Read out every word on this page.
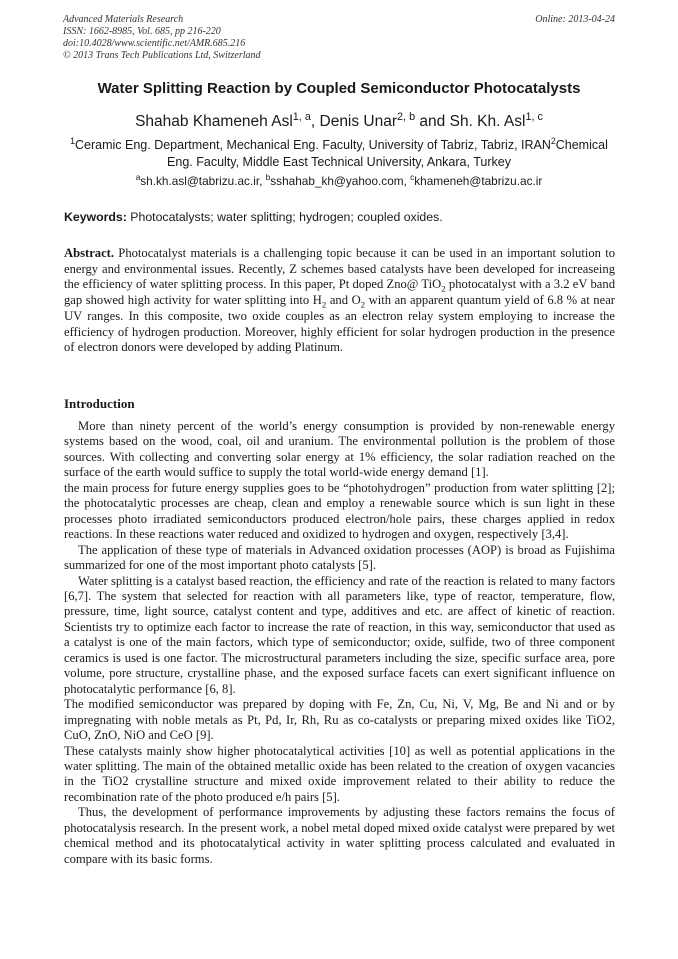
Advanced Materials Research
ISSN: 1662-8985, Vol. 685, pp 216-220
doi:10.4028/www.scientific.net/AMR.685.216
© 2013 Trans Tech Publications Ltd, Switzerland
Online: 2013-04-24
Water Splitting Reaction by Coupled Semiconductor Photocatalysts
Shahab Khameneh Asl$^{1, a}$, Denis Unar$^{2, b}$ and Sh. Kh. Asl$^{1, c}$
$^1$Ceramic Eng. Department, Mechanical Eng. Faculty, University of Tabriz, Tabriz, IRAN$^2$Chemical Eng. Faculty, Middle East Technical University, Ankara, Turkey
$^a$sh.kh.asl@tabrizu.ac.ir, $^b$sshahab_kh@yahoo.com, $^c$khameneh@tabrizu.ac.ir
Keywords: Photocatalysts; water splitting; hydrogen; coupled oxides.
Abstract. Photocatalyst materials is a challenging topic because it can be used in an important solution to energy and environmental issues. Recently, Z schemes based catalysts have been developed for increaseing the efficiency of water splitting process. In this paper, Pt doped Zno@ TiO$_2$ photocatalyst with a 3.2 eV band gap showed high activity for water splitting into $H_2$ and $O_2$ with an apparent quantum yield of 6.8 % at near UV ranges. In this composite, two oxide couples as an electron relay system employing to increase the efficiency of hydrogen production. Moreover, highly efficient for solar hydrogen production in the presence of electron donors were developed by adding Platinum.
Introduction

More than ninety percent of the world’s energy consumption is provided by non-renewable energy systems based on the wood, coal, oil and uranium. The environmental pollution is the problem of those sources. With collecting and converting solar energy at 1% efficiency, the solar radiation reached on the surface of the earth would suffice to supply the total world-wide energy demand [1].

the main process for future energy supplies goes to be “photohydrogen” production from water splitting [2]; the photocatalytic processes are cheap, clean and employ a renewable source which is sun light in these processes photo irradiated semiconductors produced electron/hole pairs, these charges applied in redox reactions. In these reactions water reduced and oxidized to hydrogen and oxygen, respectively [3,4].

The application of these type of materials in Advanced oxidation processes (AOP) is broad as Fujishima summarized for one of the most important photo catalysts [5].

Water splitting is a catalyst based reaction, the efficiency and rate of the reaction is related to many factors [6,7]. The system that selected for reaction with all parameters like, type of reactor, temperature, flow, pressure, time, light source, catalyst content and type, additives and etc. are affect of kinetic of reaction. Scientists try to optimize each factor to increase the rate of reaction, in this way, semiconductor that used as a catalyst is one of the main factors, which type of semiconductor; oxide, sulfide, two of three component ceramics is used is one factor. The microstructural parameters including the size, specific surface area, pore volume, pore structure, crystalline phase, and the exposed surface facets can exert significant influence on photocatalytic performance [6, 8].

The modified semiconductor was prepared by doping with Fe, Zn, Cu, Ni, V, Mg, Be and Ni and or by impregnating with noble metals as Pt, Pd, Ir, Rh, Ru as co-catalysts or preparing mixed oxides like TiO2, CuO, ZnO, NiO and CeO [9].

These catalysts mainly show higher photocatalytical activities [10] as well as potential applications in the water splitting. The main of the obtained metallic oxide has been related to the creation of oxygen vacancies in the TiO2 crystalline structure and mixed oxide improvement related to their ability to reduce the recombination rate of the photo produced e/h pairs [5].

Thus, the development of performance improvements by adjusting these factors remains the focus of photocatalysis research. In the present work, a nobel metal doped mixed oxide catalyst were prepared by wet chemical method and its photocatalytical activity in water splitting process calculated and evaluated in compare with its basic forms.
